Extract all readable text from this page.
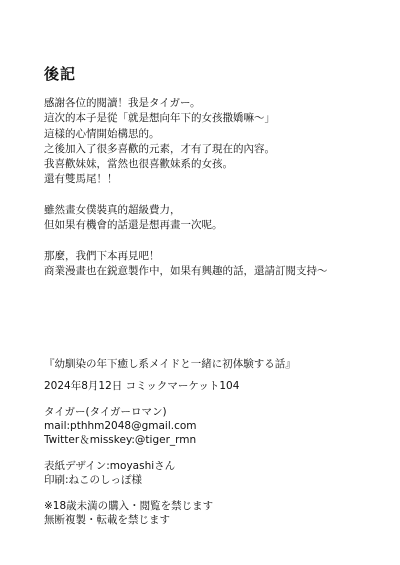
後記

感謝各位的閱讀！我是タイガー。
這次的本子是從「就是想向年下的女孩撒嬌嘛～」
這樣的心情開始構思的。
之後加入了很多喜歡的元素，才有了現在的內容。
我喜歡妹妹，當然也很喜歡妹系的女孩。
還有雙馬尾！！

雖然畫女僕裝真的超級費力，
但如果有機會的話還是想再畫一次呢。

那麼，我們下本再見吧！
商業漫畫也在鋭意製作中，如果有興趣的話，還請訂閱支持～

『幼馴染の年下癒し系メイドと一緒に初体験する話』

2024年8月12日 コミックマーケット104

タイガー(タイガーロマン)
mail:pthhm2048@gmail.com
Twitter＆misskey:@tiger_rmn
表紙デザイン:moyashiさん
印刷:ねこのしっぽ様
※18歳未満の購入・閲覧を禁じます
無断複製・転載を禁じます
